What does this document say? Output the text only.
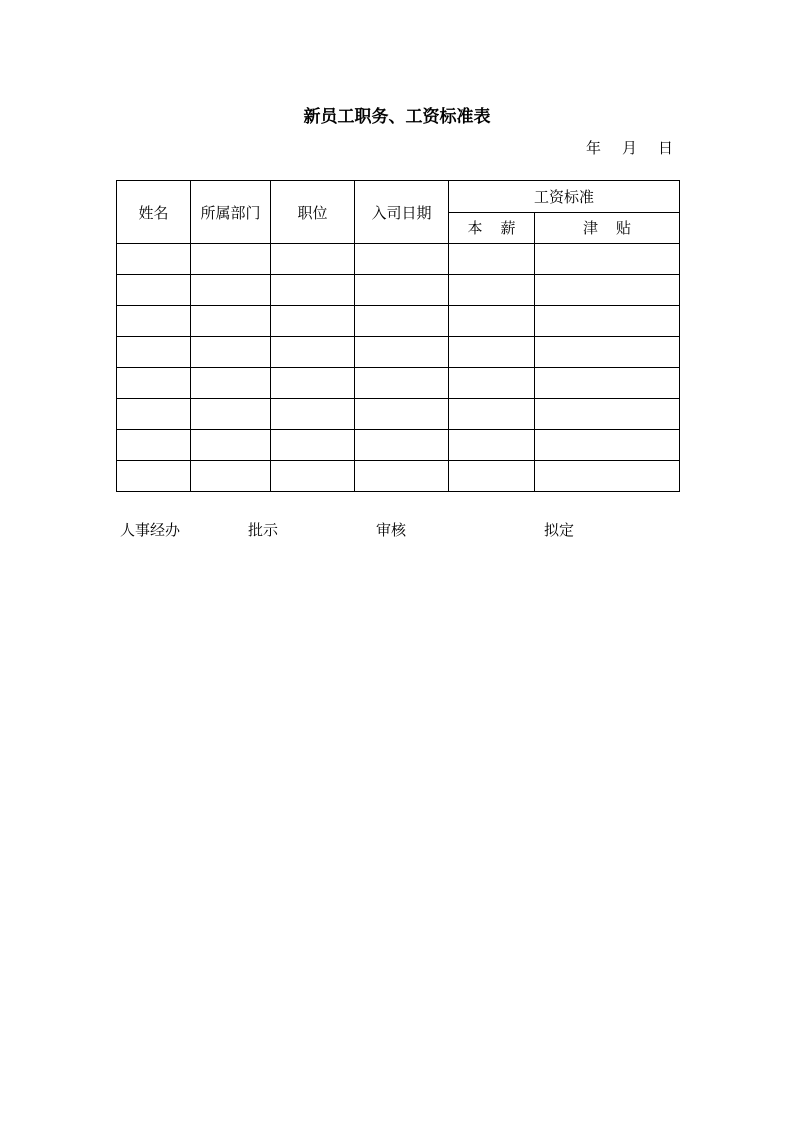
新员工职务、工资标准表
年 月 日
姓名	所属部门	职位	入司日期	工资标准	
				本 薪	津 贴

人事经办	批示	审核	拟定
